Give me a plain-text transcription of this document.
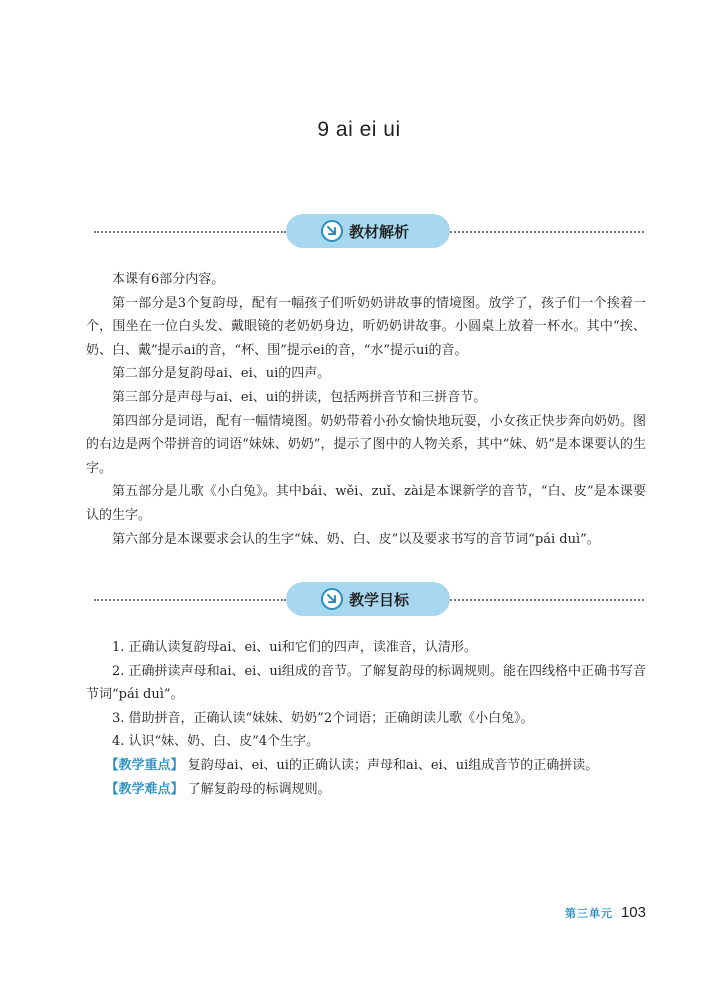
9 ai ei ui
教材解析

本课有6部分内容。

第一部分是3个复韵母，配有一幅孩子们听奶奶讲故事的情境图。放学了，孩子们一个挨着一个，围坐在一位白头发、戴眼镜的老奶奶身边，听奶奶讲故事。小圆桌上放着一杯水。其中“挨、奶、白、戴”提示ai的音，“杯、围”提示ei的音，“水”提示ui的音。

第二部分是复韵母ai、ei、ui的四声。

第三部分是声母与ai、ei、ui的拼读，包括两拼音节和三拼音节。

第四部分是词语，配有一幅情境图。奶奶带着小孙女愉快地玩耍，小女孩正快步奔向奶奶。图的右边是两个带拼音的词语“妹妹、奶奶”，提示了图中的人物关系，其中“妹、奶”是本课要认的生字。

第五部分是儿歌《小白兔》。其中bái、wěi、zuǐ、zài是本课新学的音节，“白、皮”是本课要认的生字。

第六部分是本课要求会认的生字“妹、奶、白、皮”以及要求书写的音节词“pái duì”。

教学目标

1. 正确认读复韵母ai、ei、ui和它们的四声，读准音，认清形。

2. 正确拼读声母和ai、ei、ui组成的音节。了解复韵母的标调规则。能在四线格中正确书写音节词“pái duì”。

3. 借助拼音，正确认读“妹妹、奶奶”2个词语；正确朗读儿歌《小白兔》。

4. 认识“妹、奶、白、皮”4个生字。

【教学重点】 复韵母ai、ei、ui的正确认读；声母和ai、ei、ui组成音节的正确拼读。

【教学难点】 了解复韵母的标调规则。

第三单元 103
